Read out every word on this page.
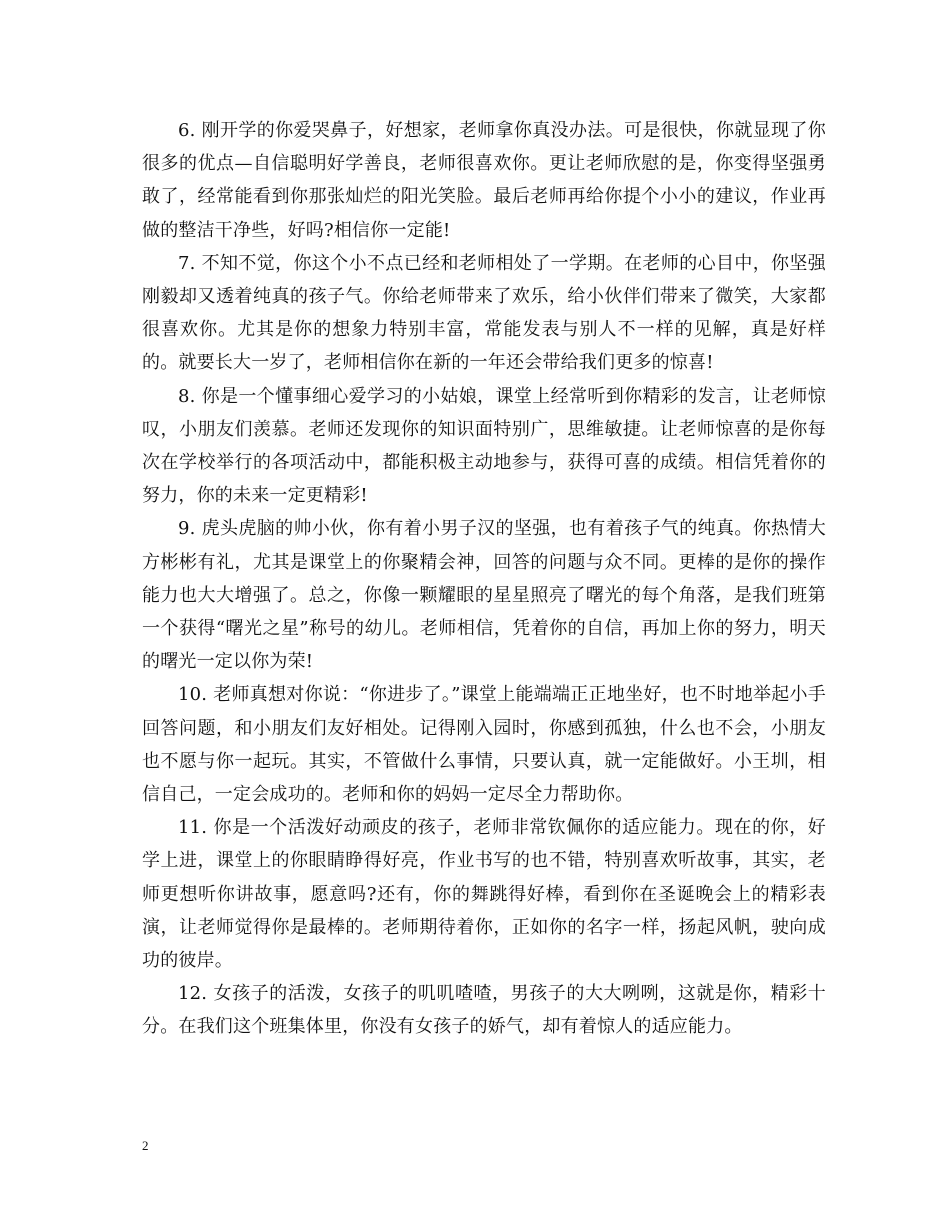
6. 刚开学的你爱哭鼻子，好想家，老师拿你真没办法。可是很快，你就显现了你很多的优点—自信聪明好学善良，老师很喜欢你。更让老师欣慰的是，你变得坚强勇敢了，经常能看到你那张灿烂的阳光笑脸。最后老师再给你提个小小的建议，作业再做的整洁干净些，好吗?相信你一定能!

7. 不知不觉，你这个小不点已经和老师相处了一学期。在老师的心目中，你坚强刚毅却又透着纯真的孩子气。你给老师带来了欢乐，给小伙伴们带来了微笑，大家都很喜欢你。尤其是你的想象力特别丰富，常能发表与别人不一样的见解，真是好样的。就要长大一岁了，老师相信你在新的一年还会带给我们更多的惊喜!

8. 你是一个懂事细心爱学习的小姑娘，课堂上经常听到你精彩的发言，让老师惊叹，小朋友们羡慕。老师还发现你的知识面特别广，思维敏捷。让老师惊喜的是你每次在学校举行的各项活动中，都能积极主动地参与，获得可喜的成绩。相信凭着你的努力，你的未来一定更精彩!

9. 虎头虎脑的帅小伙，你有着小男子汉的坚强，也有着孩子气的纯真。你热情大方彬彬有礼，尤其是课堂上的你聚精会神，回答的问题与众不同。更棒的是你的操作能力也大大增强了。总之，你像一颗耀眼的星星照亮了曙光的每个角落，是我们班第一个获得“曙光之星”称号的幼儿。老师相信，凭着你的自信，再加上你的努力，明天的曙光一定以你为荣!

10. 老师真想对你说：“你进步了。”课堂上能端端正正地坐好，也不时地举起小手回答问题，和小朋友们友好相处。记得刚入园时，你感到孤独，什么也不会，小朋友也不愿与你一起玩。其实，不管做什么事情，只要认真，就一定能做好。小王圳，相信自己，一定会成功的。老师和你的妈妈一定尽全力帮助你。

11. 你是一个活泼好动顽皮的孩子，老师非常钦佩你的适应能力。现在的你，好学上进，课堂上的你眼睛睁得好亮，作业书写的也不错，特别喜欢听故事，其实，老师更想听你讲故事，愿意吗?还有，你的舞跳得好棒，看到你在圣诞晚会上的精彩表演，让老师觉得你是最棒的。老师期待着你，正如你的名字一样，扬起风帆，驶向成功的彼岸。

12. 女孩子的活泼，女孩子的叽叽喳喳，男孩子的大大咧咧，这就是你，精彩十分。在我们这个班集体里，你没有女孩子的娇气，却有着惊人的适应能力。

2
